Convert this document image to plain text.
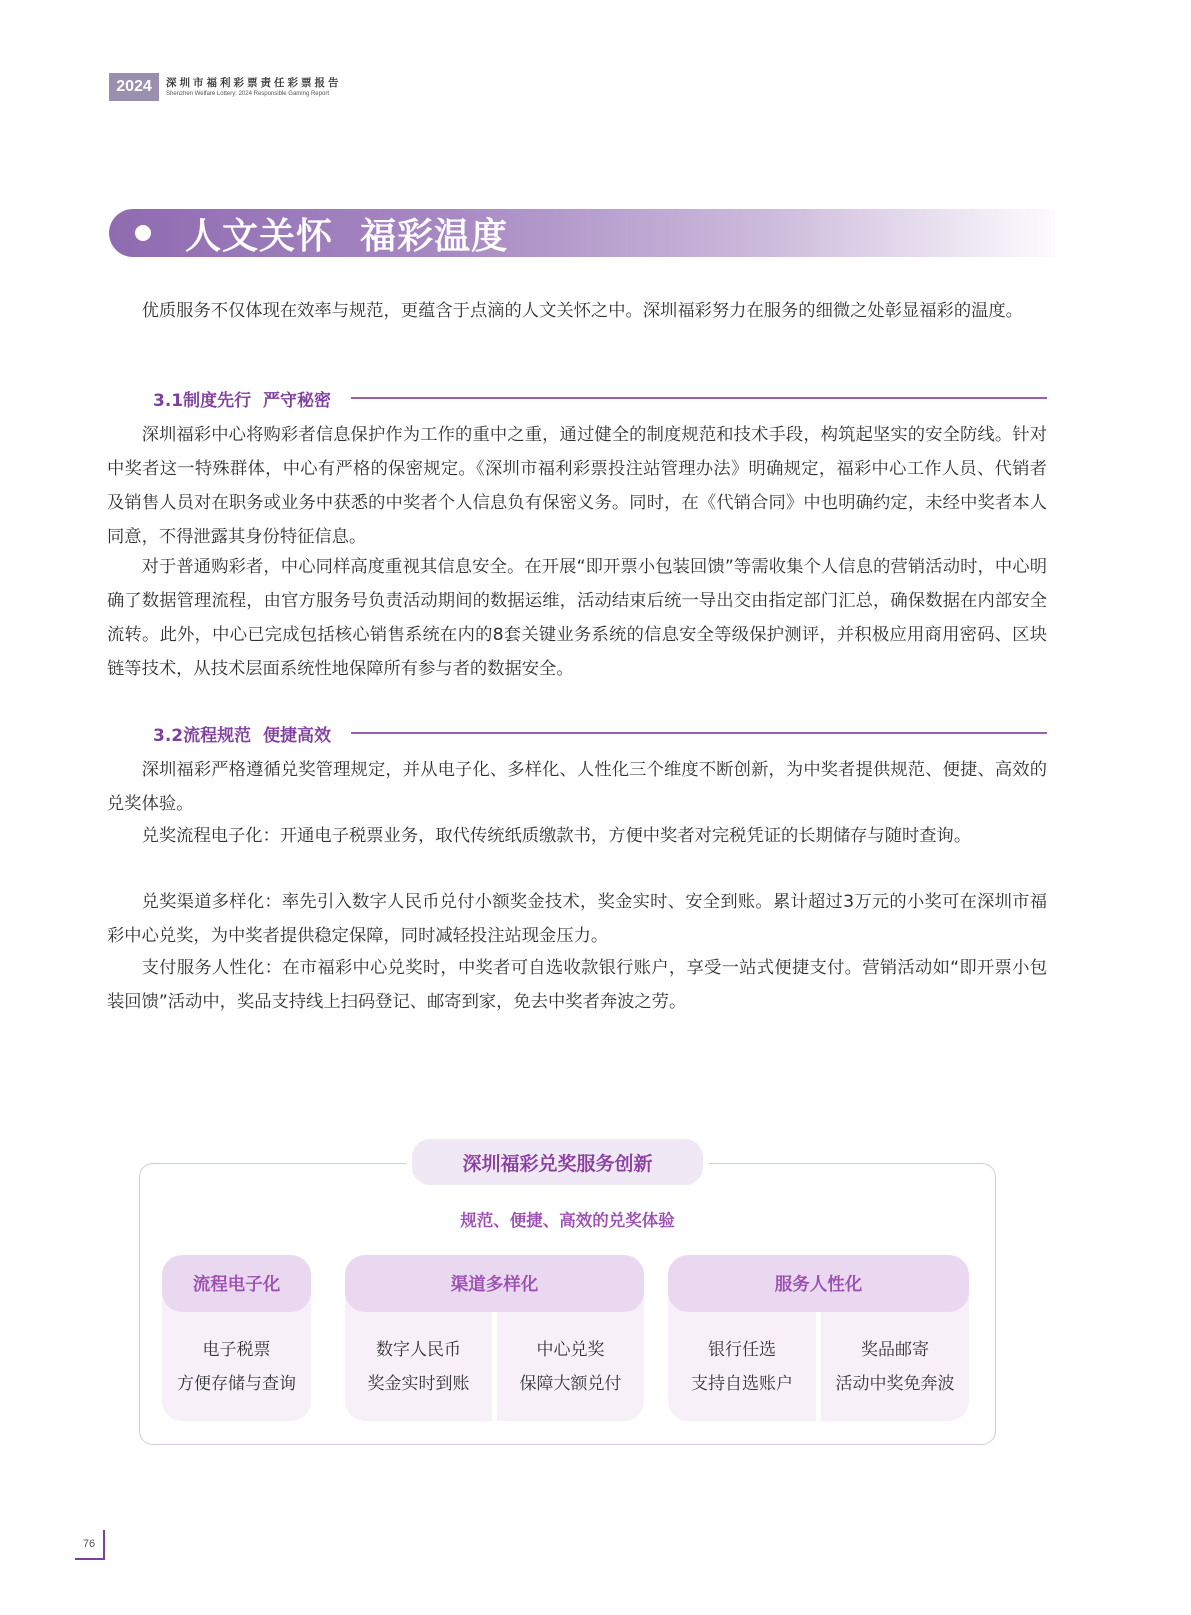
2024	深圳市福利彩票责任彩票报告
Shenzhen Welfare Lottery: 2024 Responsible Gaming Report
人文关怀  福彩温度

优质服务不仅体现在效率与规范，更蕴含于点滴的人文关怀之中。深圳福彩努力在服务的细微之处彰显福彩的温度。

3.1制度先行  严守秘密

深圳福彩中心将购彩者信息保护作为工作的重中之重，通过健全的制度规范和技术手段，构筑起坚实的安全防线。针对中奖者这一特殊群体，中心有严格的保密规定。《深圳市福利彩票投注站管理办法》明确规定，福彩中心工作人员、代销者及销售人员对在职务或业务中获悉的中奖者个人信息负有保密义务。同时，在《代销合同》中也明确约定，未经中奖者本人同意，不得泄露其身份特征信息。

对于普通购彩者，中心同样高度重视其信息安全。在开展“即开票小包装回馈”等需收集个人信息的营销活动时，中心明确了数据管理流程，由官方服务号负责活动期间的数据运维，活动结束后统一导出交由指定部门汇总，确保数据在内部安全流转。此外，中心已完成包括核心销售系统在内的8套关键业务系统的信息安全等级保护测评，并积极应用商用密码、区块链等技术，从技术层面系统性地保障所有参与者的数据安全。

3.2流程规范  便捷高效

深圳福彩严格遵循兑奖管理规定，并从电子化、多样化、人性化三个维度不断创新，为中奖者提供规范、便捷、高效的兑奖体验。

兑奖流程电子化：开通电子税票业务，取代传统纸质缴款书，方便中奖者对完税凭证的长期储存与随时查询。

兑奖渠道多样化：率先引入数字人民币兑付小额奖金技术，奖金实时、安全到账。累计超过3万元的小奖可在深圳市福彩中心兑奖，为中奖者提供稳定保障，同时减轻投注站现金压力。

支付服务人性化：在市福彩中心兑奖时，中奖者可自选收款银行账户，享受一站式便捷支付。营销活动如“即开票小包装回馈”活动中，奖品支持线上扫码登记、邮寄到家，免去中奖者奔波之劳。

深圳福彩兑奖服务创新
规范、便捷、高效的兑奖体验
流程电子化
电子税票
方便存储与查询
渠道多样化
数字人民币
奖金实时到账
中心兑奖
保障大额兑付
服务人性化
银行任选
支持自选账户
奖品邮寄
活动中奖免奔波
76
